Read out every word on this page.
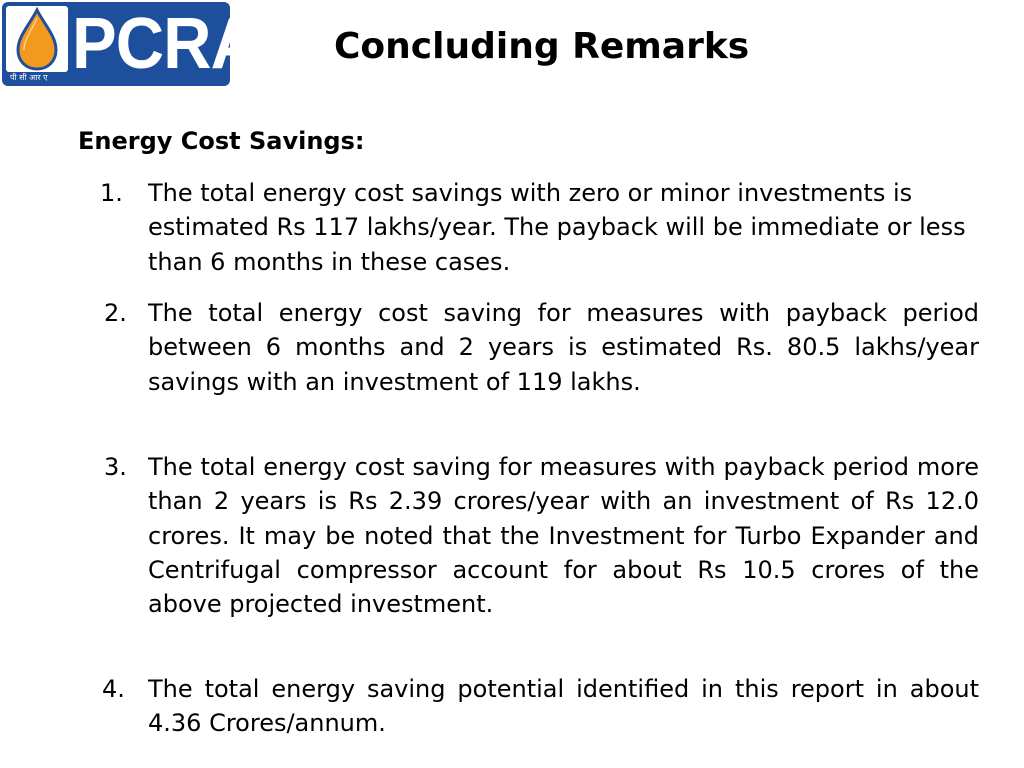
PCRA
पी सी आर ए
Concluding Remarks
Energy Cost Savings:
1. The total energy cost savings with zero or minor investments is estimated Rs 117 lakhs/year. The payback will be immediate or less than 6 months in these cases.
2. The total energy cost saving for measures with payback period between 6 months and 2 years is estimated Rs. 80.5 lakhs/year savings with an investment of 119 lakhs.
3. The total energy cost saving for measures with payback period more than 2 years is Rs 2.39 crores/year with an investment of Rs 12.0 crores. It may be noted that the Investment for Turbo Expander and Centrifugal compressor account for about Rs 10.5 crores of the above projected investment.
4. The total energy saving potential identified in this report in about 4.36 Crores/annum.
